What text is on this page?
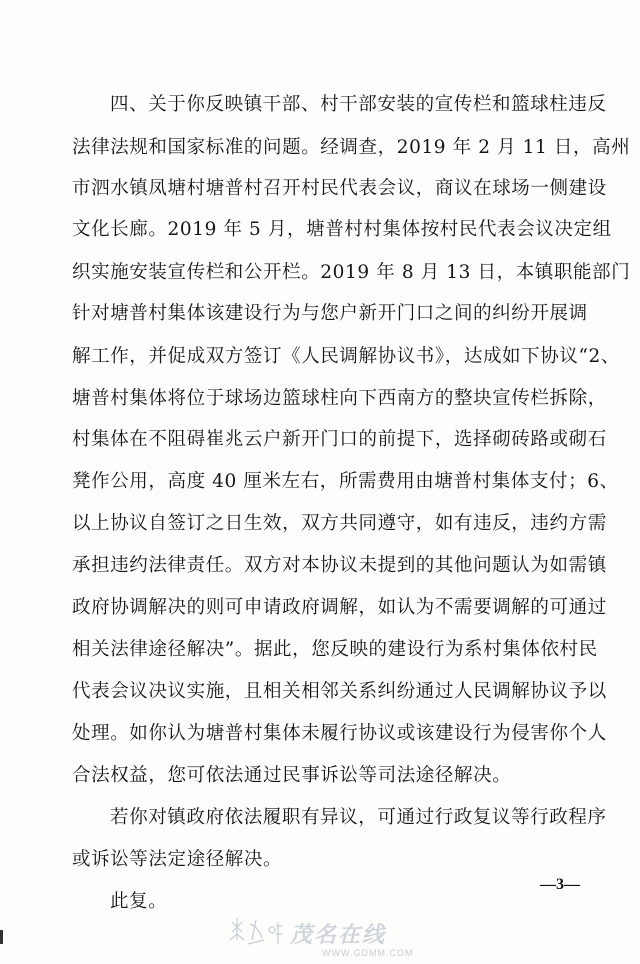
四、关于你反映镇干部、村干部安装的宣传栏和篮球柱违反
法律法规和国家标准的问题。经调查，2019 年 2 月 11 日，高州
市泗水镇凤塘村塘普村召开村民代表会议，商议在球场一侧建设
文化长廊。2019 年 5 月，塘普村村集体按村民代表会议决定组
织实施安装宣传栏和公开栏。2019 年 8 月 13 日，本镇职能部门
针对塘普村集体该建设行为与您户新开门口之间的纠纷开展调
解工作，并促成双方签订《人民调解协议书》，达成如下协议“2、
塘普村集体将位于球场边篮球柱向下西南方的整块宣传栏拆除，
村集体在不阻碍崔兆云户新开门口的前提下，选择砌砖路或砌石
凳作公用，高度 40 厘米左右，所需费用由塘普村集体支付；6、
以上协议自签订之日生效，双方共同遵守，如有违反，违约方需
承担违约法律责任。双方对本协议未提到的其他问题认为如需镇
政府协调解决的则可申请政府调解，如认为不需要调解的可通过
相关法律途径解决”。据此，您反映的建设行为系村集体依村民
代表会议决议实施，且相关相邻关系纠纷通过人民调解协议予以
处理。如你认为塘普村集体未履行协议或该建设行为侵害你个人
合法权益，您可依法通过民事诉讼等司法途径解决。
若你对镇政府依法履职有异议，可通过行政复议等行政程序
或诉讼等法定途径解决。
此复。
—3—
茂名在线
WWW.GDMM.COM
